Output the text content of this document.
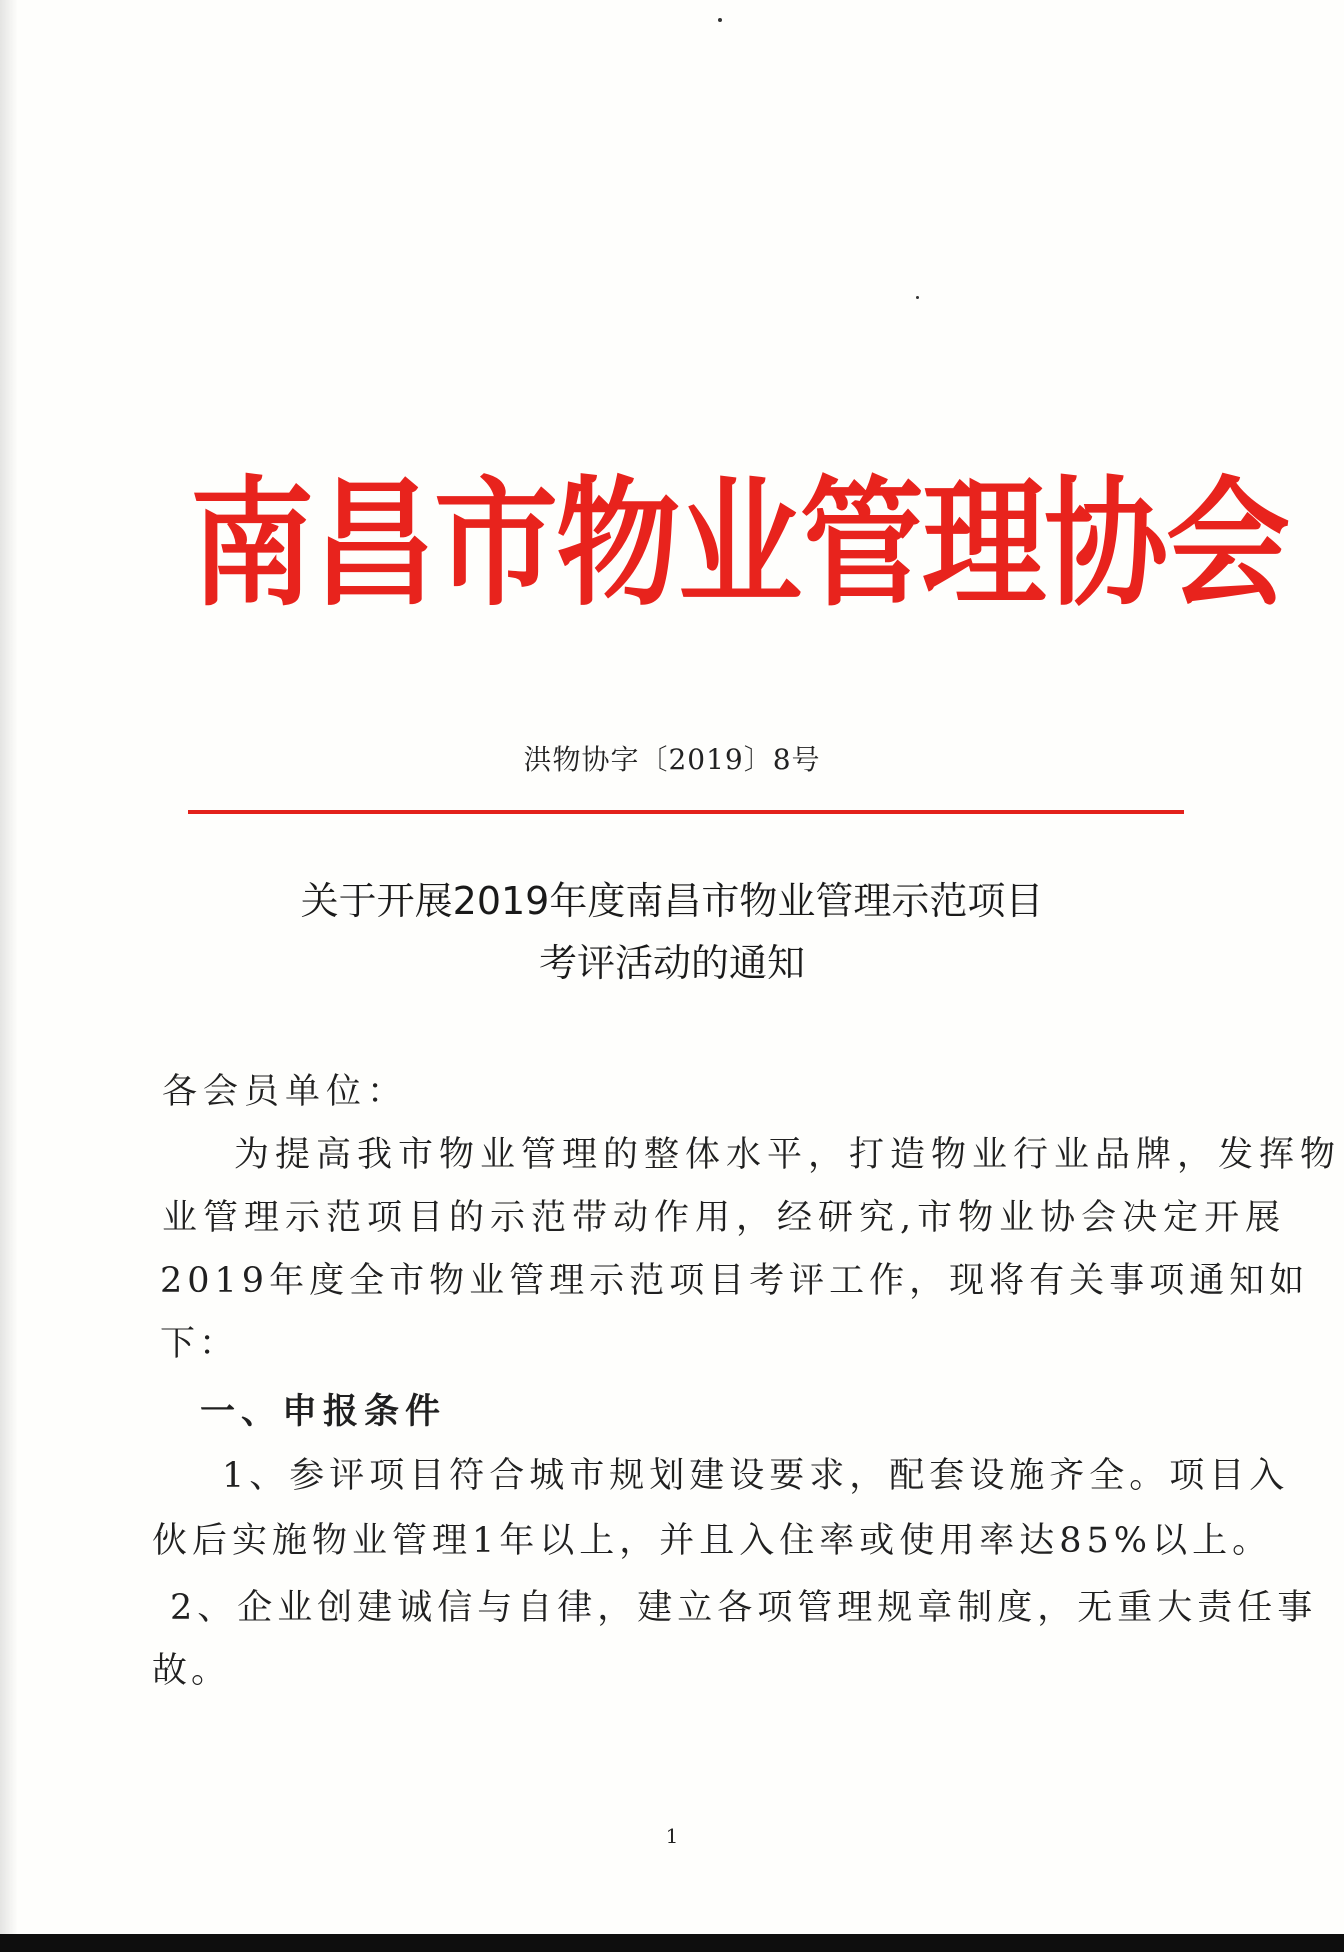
南昌市物业管理协会
洪物协字〔2019〕8号
关于开展2019年度南昌市物业管理示范项目
考评活动的通知
各会员单位：
为提高我市物业管理的整体水平，打造物业行业品牌，发挥物
业管理示范项目的示范带动作用，经研究,市物业协会决定开展
2019年度全市物业管理示范项目考评工作，现将有关事项通知如
下：
一、申报条件
1、参评项目符合城市规划建设要求，配套设施齐全。项目入
伙后实施物业管理1年以上，并且入住率或使用率达85%以上。
2、企业创建诚信与自律，建立各项管理规章制度，无重大责任事
故。
1
